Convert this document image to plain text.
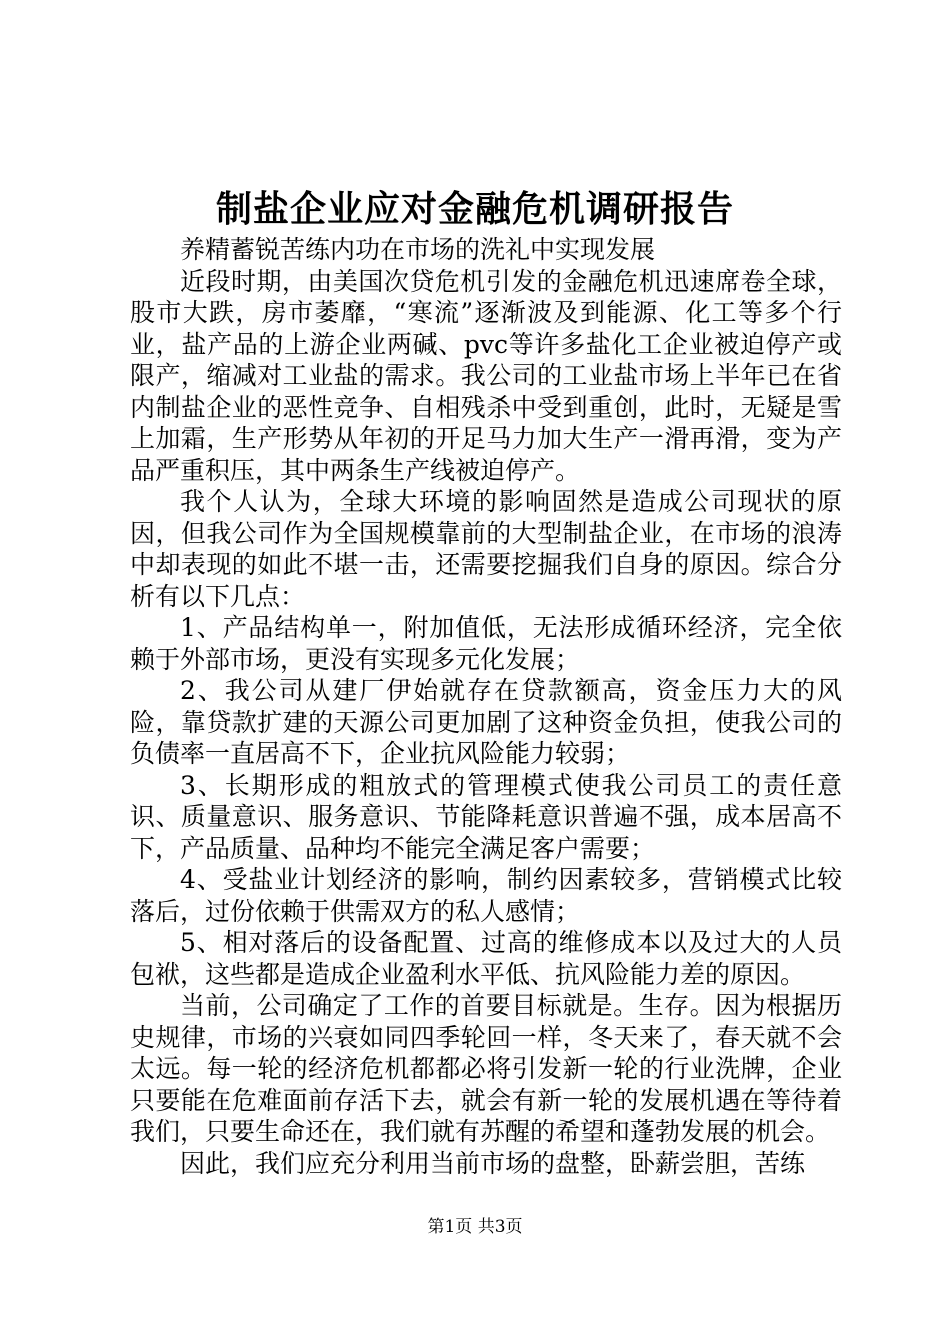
制盐企业应对金融危机调研报告

养精蓄锐苦练内功在市场的洗礼中实现发展

近段时期，由美国次贷危机引发的金融危机迅速席卷全球，股市大跌，房市萎靡，“寒流”逐渐波及到能源、化工等多个行业，盐产品的上游企业两碱、pvc等许多盐化工企业被迫停产或限产，缩减对工业盐的需求。我公司的工业盐市场上半年已在省内制盐企业的恶性竞争、自相残杀中受到重创，此时，无疑是雪上加霜，生产形势从年初的开足马力加大生产一滑再滑，变为产品严重积压，其中两条生产线被迫停产。

我个人认为，全球大环境的影响固然是造成公司现状的原因，但我公司作为全国规模靠前的大型制盐企业，在市场的浪涛中却表现的如此不堪一击，还需要挖掘我们自身的原因。综合分析有以下几点：

1、产品结构单一，附加值低，无法形成循环经济，完全依赖于外部市场，更没有实现多元化发展；

2、我公司从建厂伊始就存在贷款额高，资金压力大的风险，靠贷款扩建的天源公司更加剧了这种资金负担，使我公司的负债率一直居高不下，企业抗风险能力较弱；

3、长期形成的粗放式的管理模式使我公司员工的责任意识、质量意识、服务意识、节能降耗意识普遍不强，成本居高不下，产品质量、品种均不能完全满足客户需要；

4、受盐业计划经济的影响，制约因素较多，营销模式比较落后，过份依赖于供需双方的私人感情；

5、相对落后的设备配置、过高的维修成本以及过大的人员包袱，这些都是造成企业盈利水平低、抗风险能力差的原因。

当前，公司确定了工作的首要目标就是。生存。因为根据历史规律，市场的兴衰如同四季轮回一样，冬天来了，春天就不会太远。每一轮的经济危机都都必将引发新一轮的行业洗牌，企业只要能在危难面前存活下去，就会有新一轮的发展机遇在等待着我们，只要生命还在，我们就有苏醒的希望和蓬勃发展的机会。

因此，我们应充分利用当前市场的盘整，卧薪尝胆，苦练

第1页 共3页
